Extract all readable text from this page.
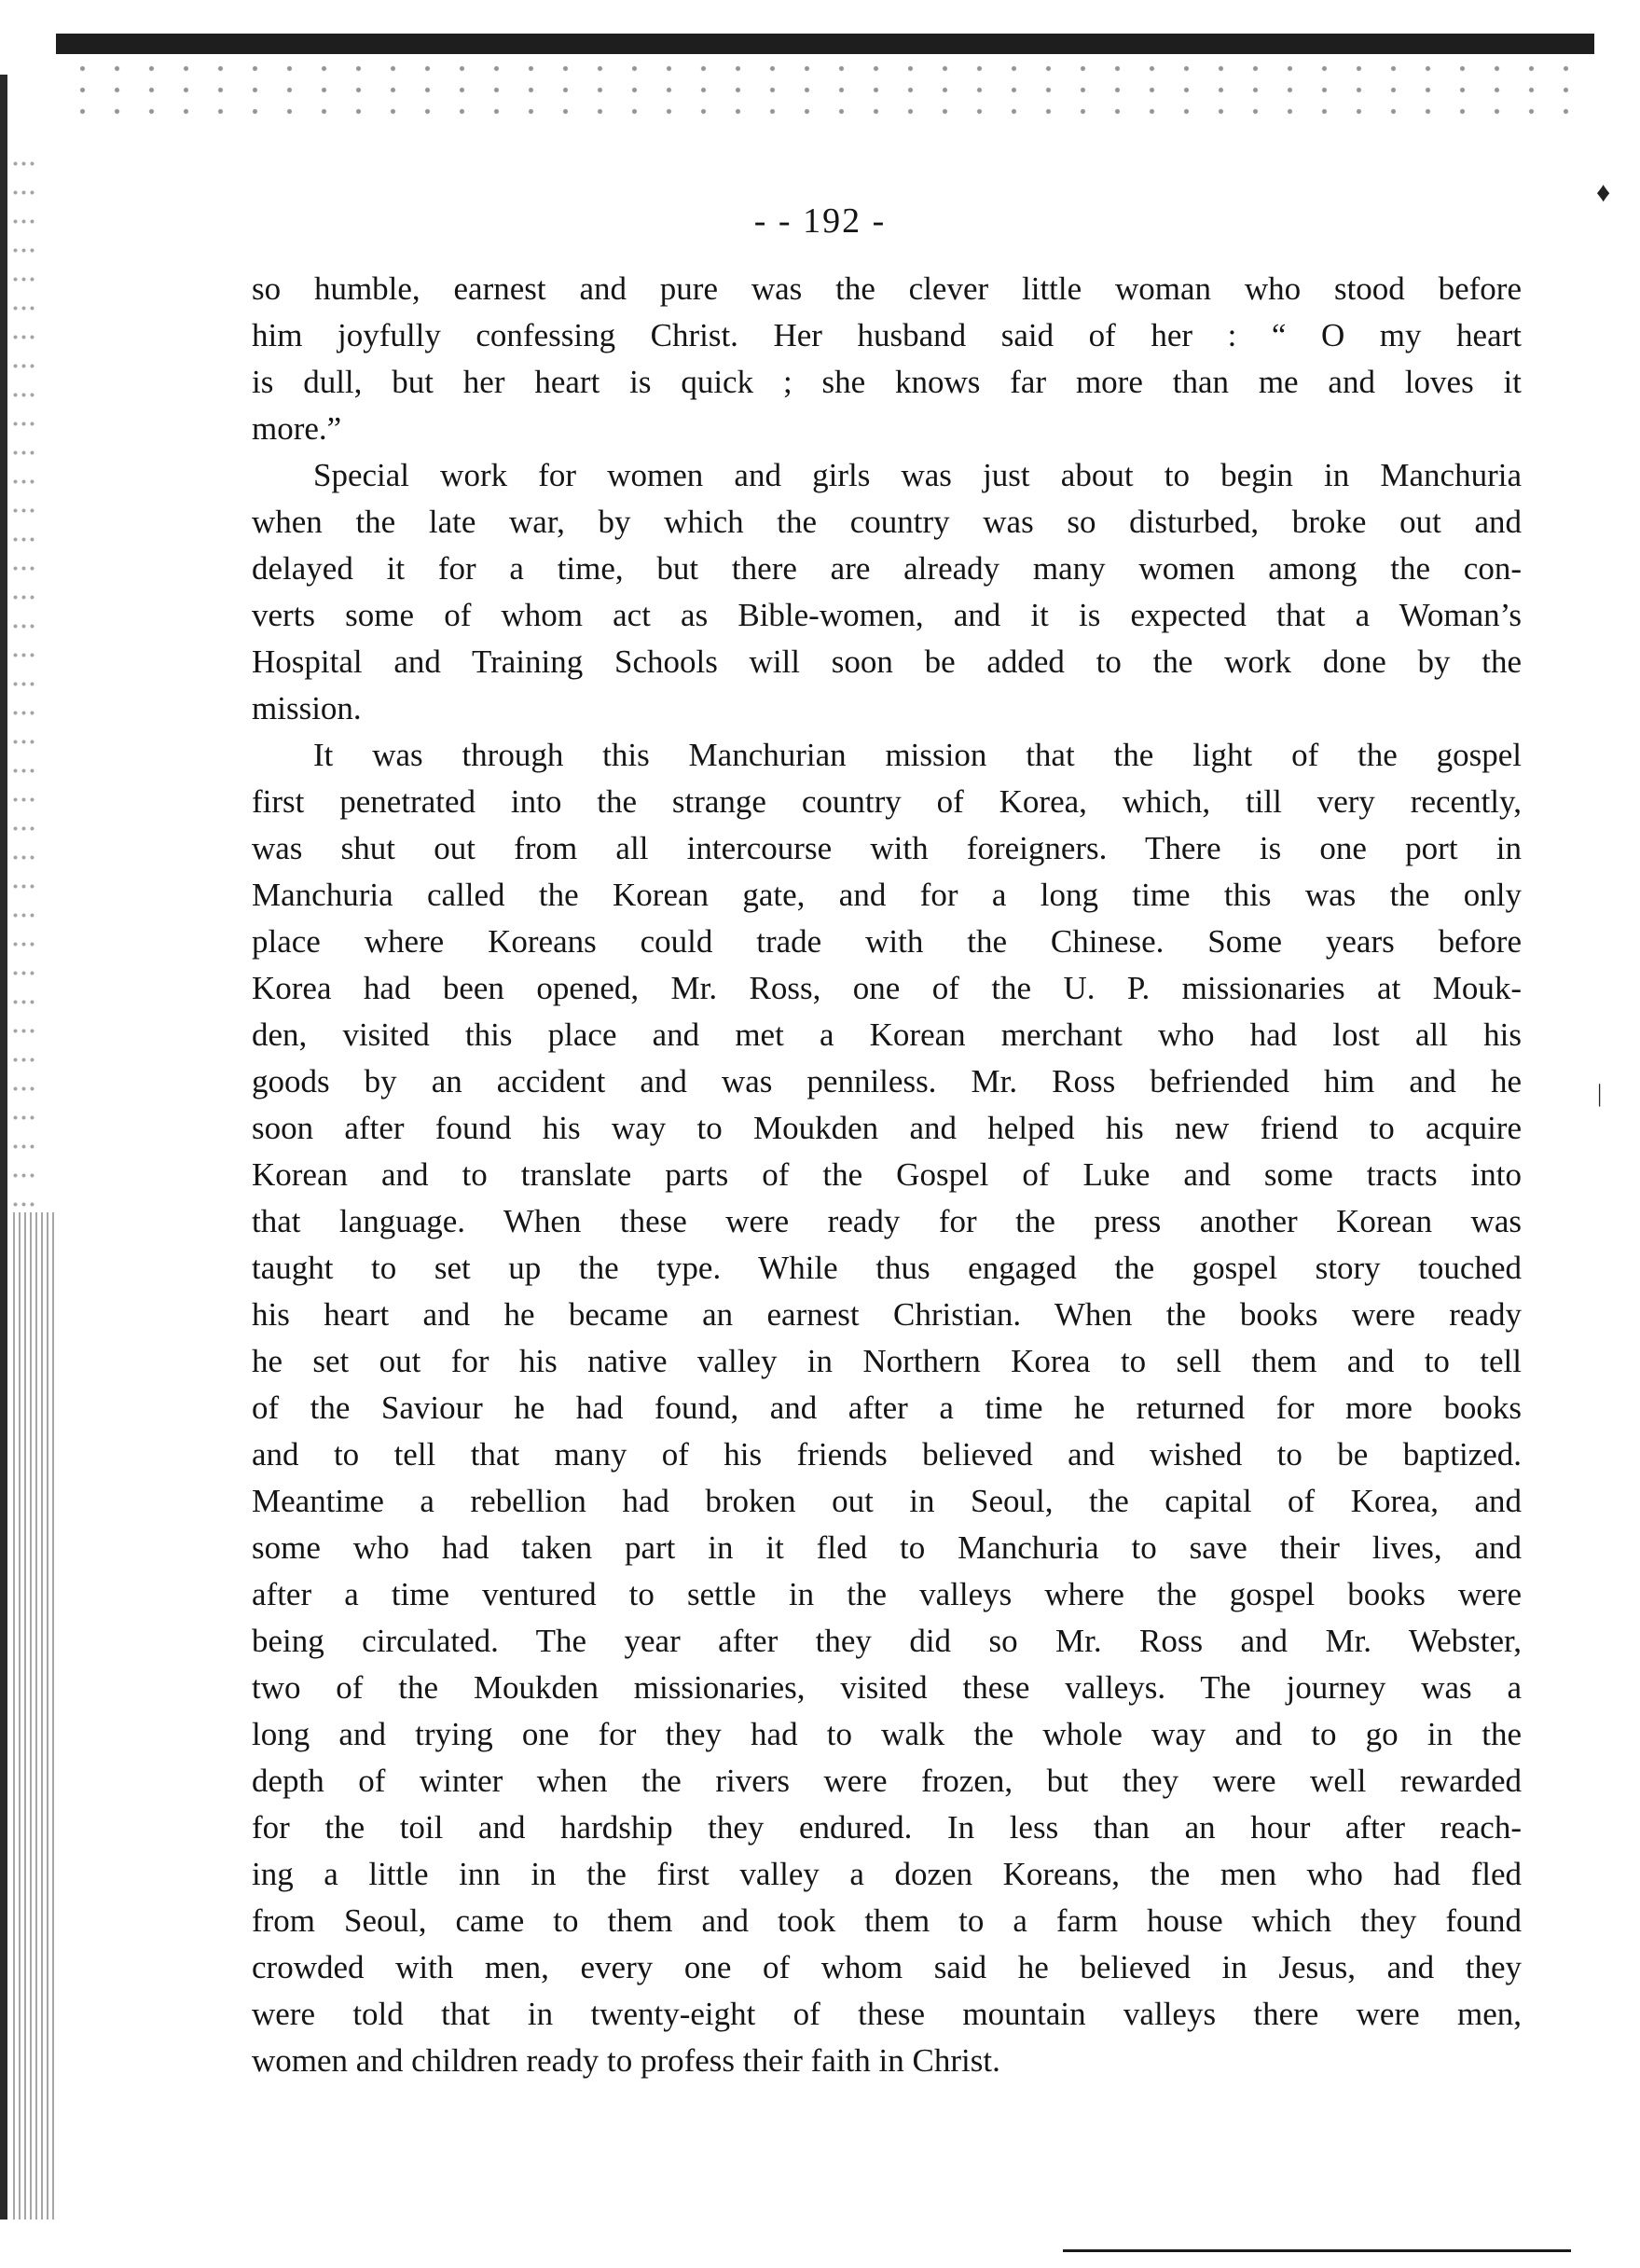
♦
|
- - 192 -
so humble, earnest and pure was the clever little woman who stood before
him joyfully confessing Christ. Her husband said of her : “ O my heart
is dull, but her heart is quick ; she knows far more than me and loves it
more.”
Special work for women and girls was just about to begin in Manchuria
when the late war, by which the country was so disturbed, broke out and
delayed it for a time, but there are already many women among the con-
verts some of whom act as Bible-women, and it is expected that a Woman’s
Hospital and Training Schools will soon be added to the work done by the
mission.
It was through this Manchurian mission that the light of the gospel
first penetrated into the strange country of Korea, which, till very recently,
was shut out from all intercourse with foreigners. There is one port in
Manchuria called the Korean gate, and for a long time this was the only
place where Koreans could trade with the Chinese. Some years before
Korea had been opened, Mr. Ross, one of the U. P. missionaries at Mouk-
den, visited this place and met a Korean merchant who had lost all his
goods by an accident and was penniless. Mr. Ross befriended him and he
soon after found his way to Moukden and helped his new friend to acquire
Korean and to translate parts of the Gospel of Luke and some tracts into
that language. When these were ready for the press another Korean was
taught to set up the type. While thus engaged the gospel story touched
his heart and he became an earnest Christian. When the books were ready
he set out for his native valley in Northern Korea to sell them and to tell
of the Saviour he had found, and after a time he returned for more books
and to tell that many of his friends believed and wished to be baptized.
Meantime a rebellion had broken out in Seoul, the capital of Korea, and
some who had taken part in it fled to Manchuria to save their lives, and
after a time ventured to settle in the valleys where the gospel books were
being circulated. The year after they did so Mr. Ross and Mr. Webster,
two of the Moukden missionaries, visited these valleys. The journey was a
long and trying one for they had to walk the whole way and to go in the
depth of winter when the rivers were frozen, but they were well rewarded
for the toil and hardship they endured. In less than an hour after reach-
ing a little inn in the first valley a dozen Koreans, the men who had fled
from Seoul, came to them and took them to a farm house which they found
crowded with men, every one of whom said he believed in Jesus, and they
were told that in twenty-eight of these mountain valleys there were men,
women and children ready to profess their faith in Christ.
